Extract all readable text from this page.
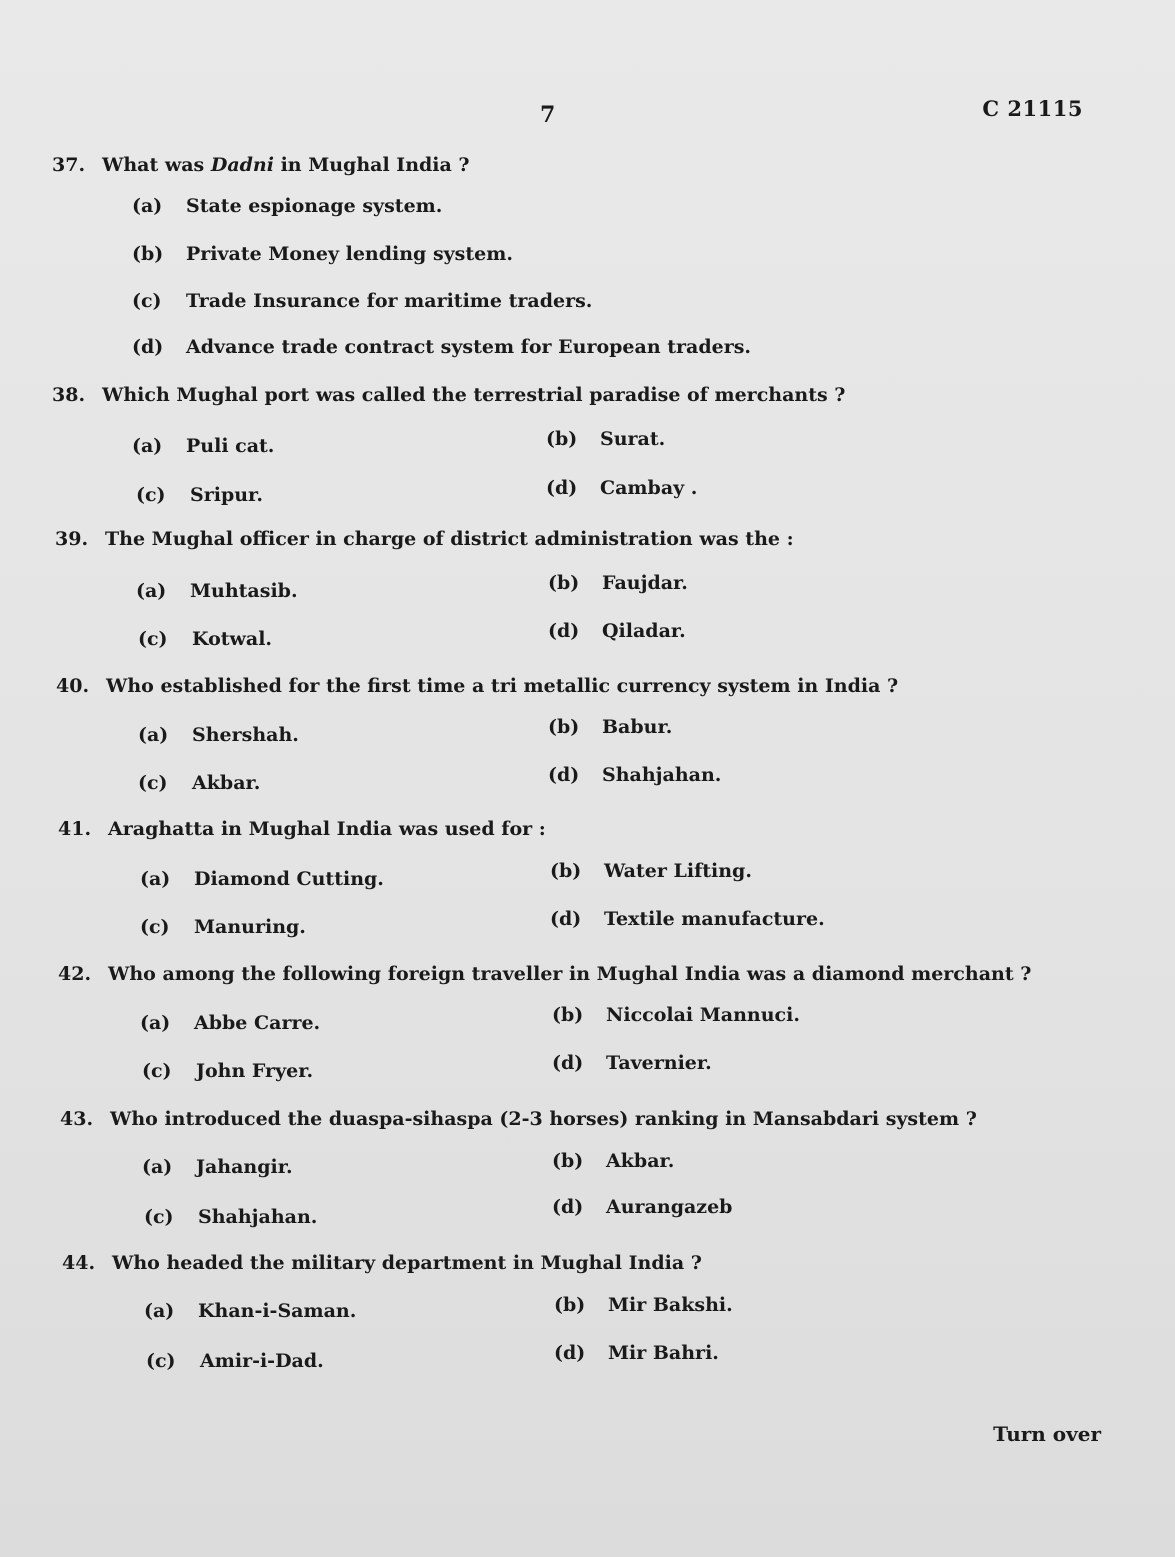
7	C 21115
37. What was Dadni in Mughal India ?
(a) State espionage system.
(b) Private Money lending system.
(c) Trade Insurance for maritime traders.
(d) Advance trade contract system for European traders.
38. Which Mughal port was called the terrestrial paradise of merchants ?
(a) Puli cat.	(b) Surat.
(c) Sripur.	(d) Cambay .
39. The Mughal officer in charge of district administration was the :
(a) Muhtasib.	(b) Faujdar.
(c) Kotwal.	(d) Qiladar.
40. Who established for the first time a tri metallic currency system in India ?
(a) Shershah.	(b) Babur.
(c) Akbar.	(d) Shahjahan.
41. Araghatta in Mughal India was used for :
(a) Diamond Cutting.	(b) Water Lifting.
(c) Manuring.	(d) Textile manufacture.
42. Who among the following foreign traveller in Mughal India was a diamond merchant ?
(a) Abbe Carre.	(b) Niccolai Mannuci.
(c) John Fryer.	(d) Tavernier.
43. Who introduced the duaspa-sihaspa (2-3 horses) ranking in Mansabdari system ?
(a) Jahangir.	(b) Akbar.
(c) Shahjahan.	(d) Aurangazeb
44. Who headed the military department in Mughal India ?
(a) Khan-i-Saman.	(b) Mir Bakshi.
(c) Amir-i-Dad.	(d) Mir Bahri.
Turn over
